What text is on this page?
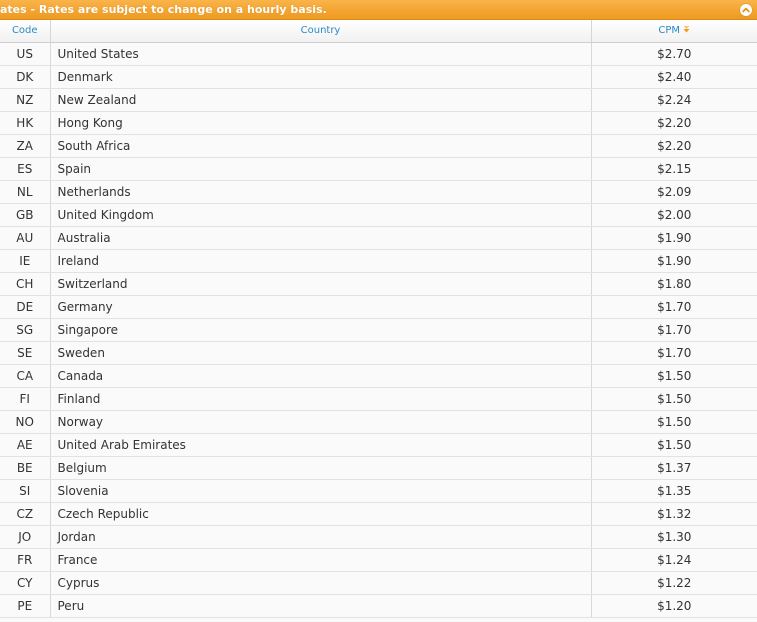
ates - Rates are subject to change on a hourly basis.
Code	Country	CPM
US	United States	$2.70
DK	Denmark	$2.40
NZ	New Zealand	$2.24
HK	Hong Kong	$2.20
ZA	South Africa	$2.20
ES	Spain	$2.15
NL	Netherlands	$2.09
GB	United Kingdom	$2.00
AU	Australia	$1.90
IE	Ireland	$1.90
CH	Switzerland	$1.80
DE	Germany	$1.70
SG	Singapore	$1.70
SE	Sweden	$1.70
CA	Canada	$1.50
FI	Finland	$1.50
NO	Norway	$1.50
AE	United Arab Emirates	$1.50
BE	Belgium	$1.37
SI	Slovenia	$1.35
CZ	Czech Republic	$1.32
JO	Jordan	$1.30
FR	France	$1.24
CY	Cyprus	$1.22
PE	Peru	$1.20
